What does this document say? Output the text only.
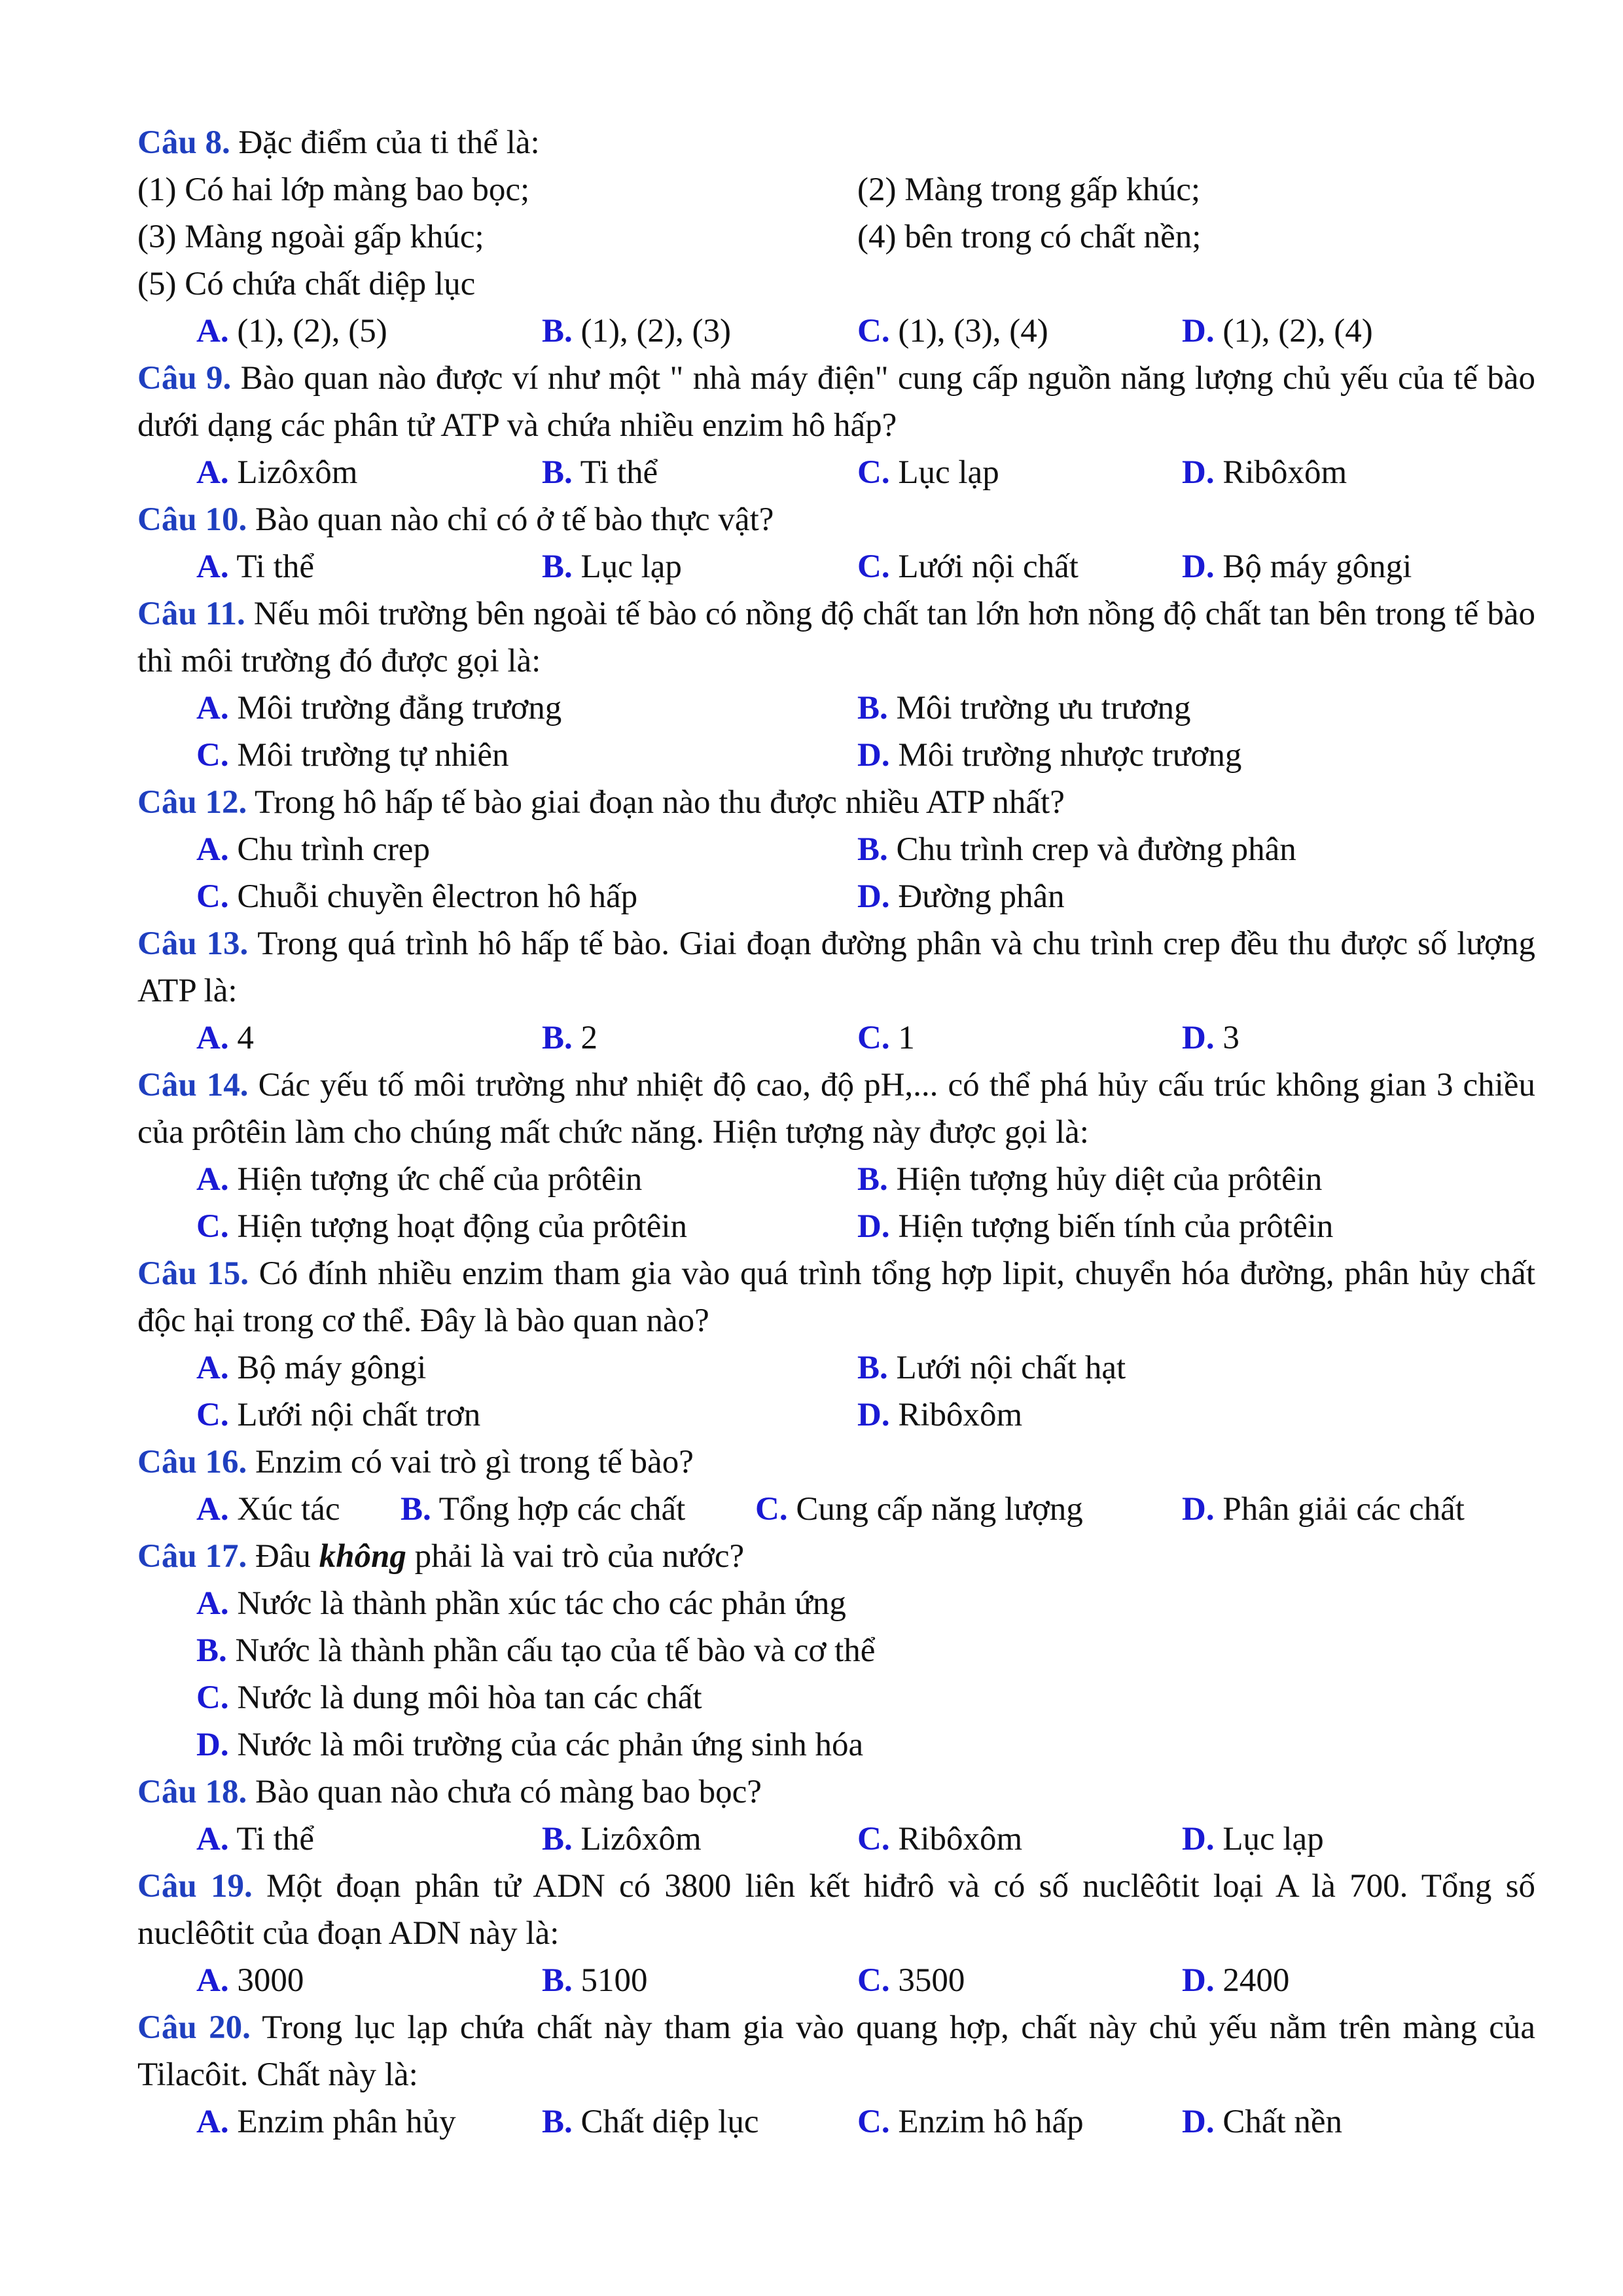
Câu 8. Đặc điểm của ti thể là:
(1) Có hai lớp màng bao bọc;	(2) Màng trong gấp khúc;
(3) Màng ngoài gấp khúc;	(4) bên trong có chất nền;
(5) Có chứa chất diệp lục
A. (1), (2), (5)	B. (1), (2), (3)	C. (1), (3), (4)	D. (1), (2), (4)
Câu 9. Bào quan nào được ví như một " nhà máy điện" cung cấp nguồn năng lượng chủ yếu của tế bào dưới dạng các phân tử ATP và chứa nhiều enzim hô hấp?
A. Lizôxôm	B. Ti thể	C. Lục lạp	D. Ribôxôm
Câu 10. Bào quan nào chỉ có ở tế bào thực vật?
A. Ti thể	B. Lục lạp	C. Lưới nội chất	D. Bộ máy gôngi
Câu 11. Nếu môi trường bên ngoài tế bào có nồng độ chất tan lớn hơn nồng độ chất tan bên trong tế bào thì môi trường đó được gọi là:
A. Môi trường đẳng trương	B. Môi trường ưu trương
C. Môi trường tự nhiên	D. Môi trường nhược trương
Câu 12. Trong hô hấp tế bào giai đoạn nào thu được nhiều ATP nhất?
A. Chu trình crep	B. Chu trình crep và đường phân
C. Chuỗi chuyền êlectron hô hấp	D. Đường phân
Câu 13. Trong quá trình hô hấp tế bào. Giai đoạn đường phân và chu trình crep đều thu được số lượng ATP là:
A. 4	B. 2	C. 1	D. 3
Câu 14. Các yếu tố môi trường như nhiệt độ cao, độ pH,... có thể phá hủy cấu trúc không gian 3 chiều của prôtêin làm cho chúng mất chức năng. Hiện tượng này được gọi là:
A. Hiện tượng ức chế của prôtêin	B. Hiện tượng hủy diệt của prôtêin
C. Hiện tượng hoạt động của prôtêin	D. Hiện tượng biến tính của prôtêin
Câu 15. Có đính nhiều enzim tham gia vào quá trình tổng hợp lipit, chuyển hóa đường, phân hủy chất độc hại trong cơ thể. Đây là bào quan nào?
A. Bộ máy gôngi	B. Lưới nội chất hạt
C. Lưới nội chất trơn	D. Ribôxôm
Câu 16. Enzim có vai trò gì trong tế bào?
A. Xúc tác B. Tổng hợp các chất C. Cung cấp năng lượng	D. Phân giải các chất
Câu 17. Đâu không phải là vai trò của nước?
A. Nước là thành phần xúc tác cho các phản ứng
B. Nước là thành phần cấu tạo của tế bào và cơ thể
C. Nước là dung môi hòa tan các chất
D. Nước là môi trường của các phản ứng sinh hóa
Câu 18. Bào quan nào chưa có màng bao bọc?
A. Ti thể	B. Lizôxôm	C. Ribôxôm	D. Lục lạp
Câu 19. Một đoạn phân tử ADN có 3800 liên kết hiđrô và có số nuclêôtit loại A là 700. Tổng số nuclêôtit của đoạn ADN này là:
A. 3000	B. 5100	C. 3500	D. 2400
Câu 20. Trong lục lạp chứa chất này tham gia vào quang hợp, chất này chủ yếu nằm trên màng của Tilacôit. Chất này là:
A. Enzim phân hủy	B. Chất diệp lục	C. Enzim hô hấp	D. Chất nền
